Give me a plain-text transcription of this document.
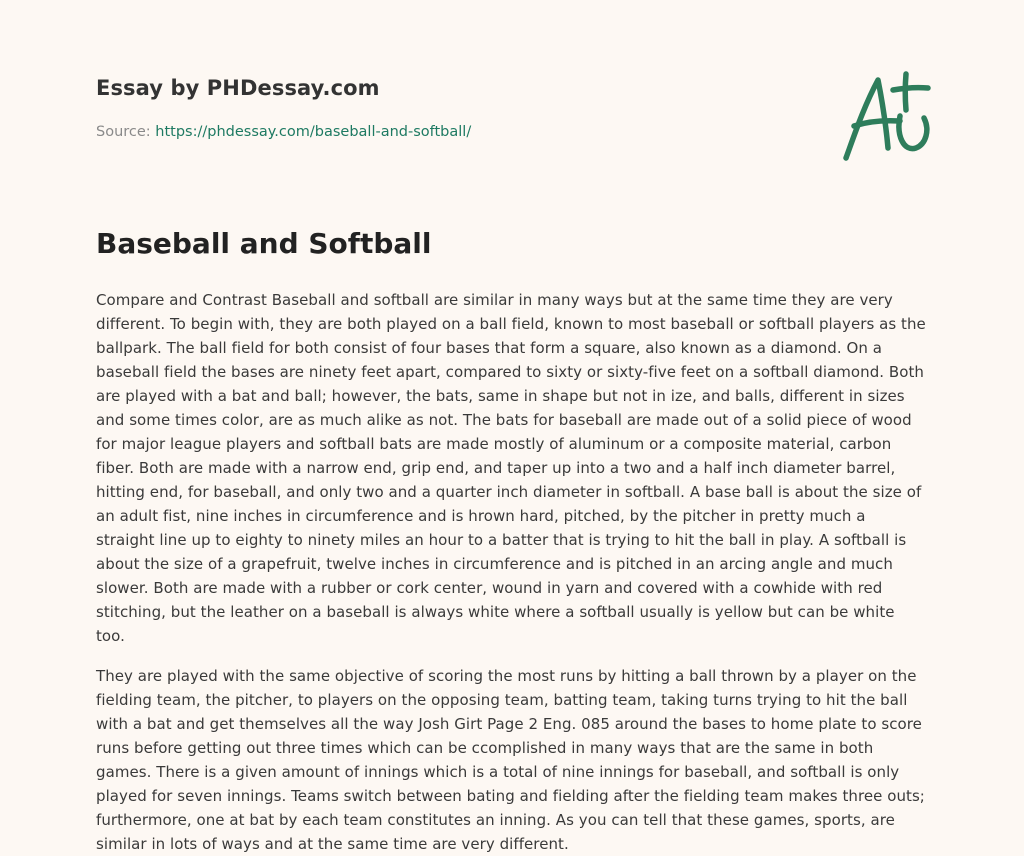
Essay by PHDessay.com

Source: https://phdessay.com/baseball-and-softball/

Baseball and Softball

Compare and Contrast Baseball and softball are similar in many ways but at the same time they are very different. To begin with, they are both played on a ball field, known to most baseball or softball players as the ballpark. The ball field for both consist of four bases that form a square, also known as a diamond. On a baseball field the bases are ninety feet apart, compared to sixty or sixty-five feet on a softball diamond. Both are played with a bat and ball; however, the bats, same in shape but not in ize, and balls, different in sizes and some times color, are as much alike as not. The bats for baseball are made out of a solid piece of wood for major league players and softball bats are made mostly of aluminum or a composite material, carbon fiber. Both are made with a narrow end, grip end, and taper up into a two and a half inch diameter barrel, hitting end, for baseball, and only two and a quarter inch diameter in softball. A base ball is about the size of an adult fist, nine inches in circumference and is hrown hard, pitched, by the pitcher in pretty much a straight line up to eighty to ninety miles an hour to a batter that is trying to hit the ball in play. A softball is about the size of a grapefruit, twelve inches in circumference and is pitched in an arcing angle and much slower. Both are made with a rubber or cork center, wound in yarn and covered with a cowhide with red stitching, but the leather on a baseball is always white where a softball usually is yellow but can be white too.

They are played with the same objective of scoring the most runs by hitting a ball thrown by a player on the fielding team, the pitcher, to players on the opposing team, batting team, taking turns trying to hit the ball with a bat and get themselves all the way Josh Girt Page 2 Eng. 085 around the bases to home plate to score runs before getting out three times which can be ccomplished in many ways that are the same in both games. There is a given amount of innings which is a total of nine innings for baseball, and softball is only played for seven innings. Teams switch between bating and fielding after the fielding team makes three outs; furthermore, one at bat by each team constitutes an inning. As you can tell that these games, sports, are similar in lots of ways and at the same time are very different.
